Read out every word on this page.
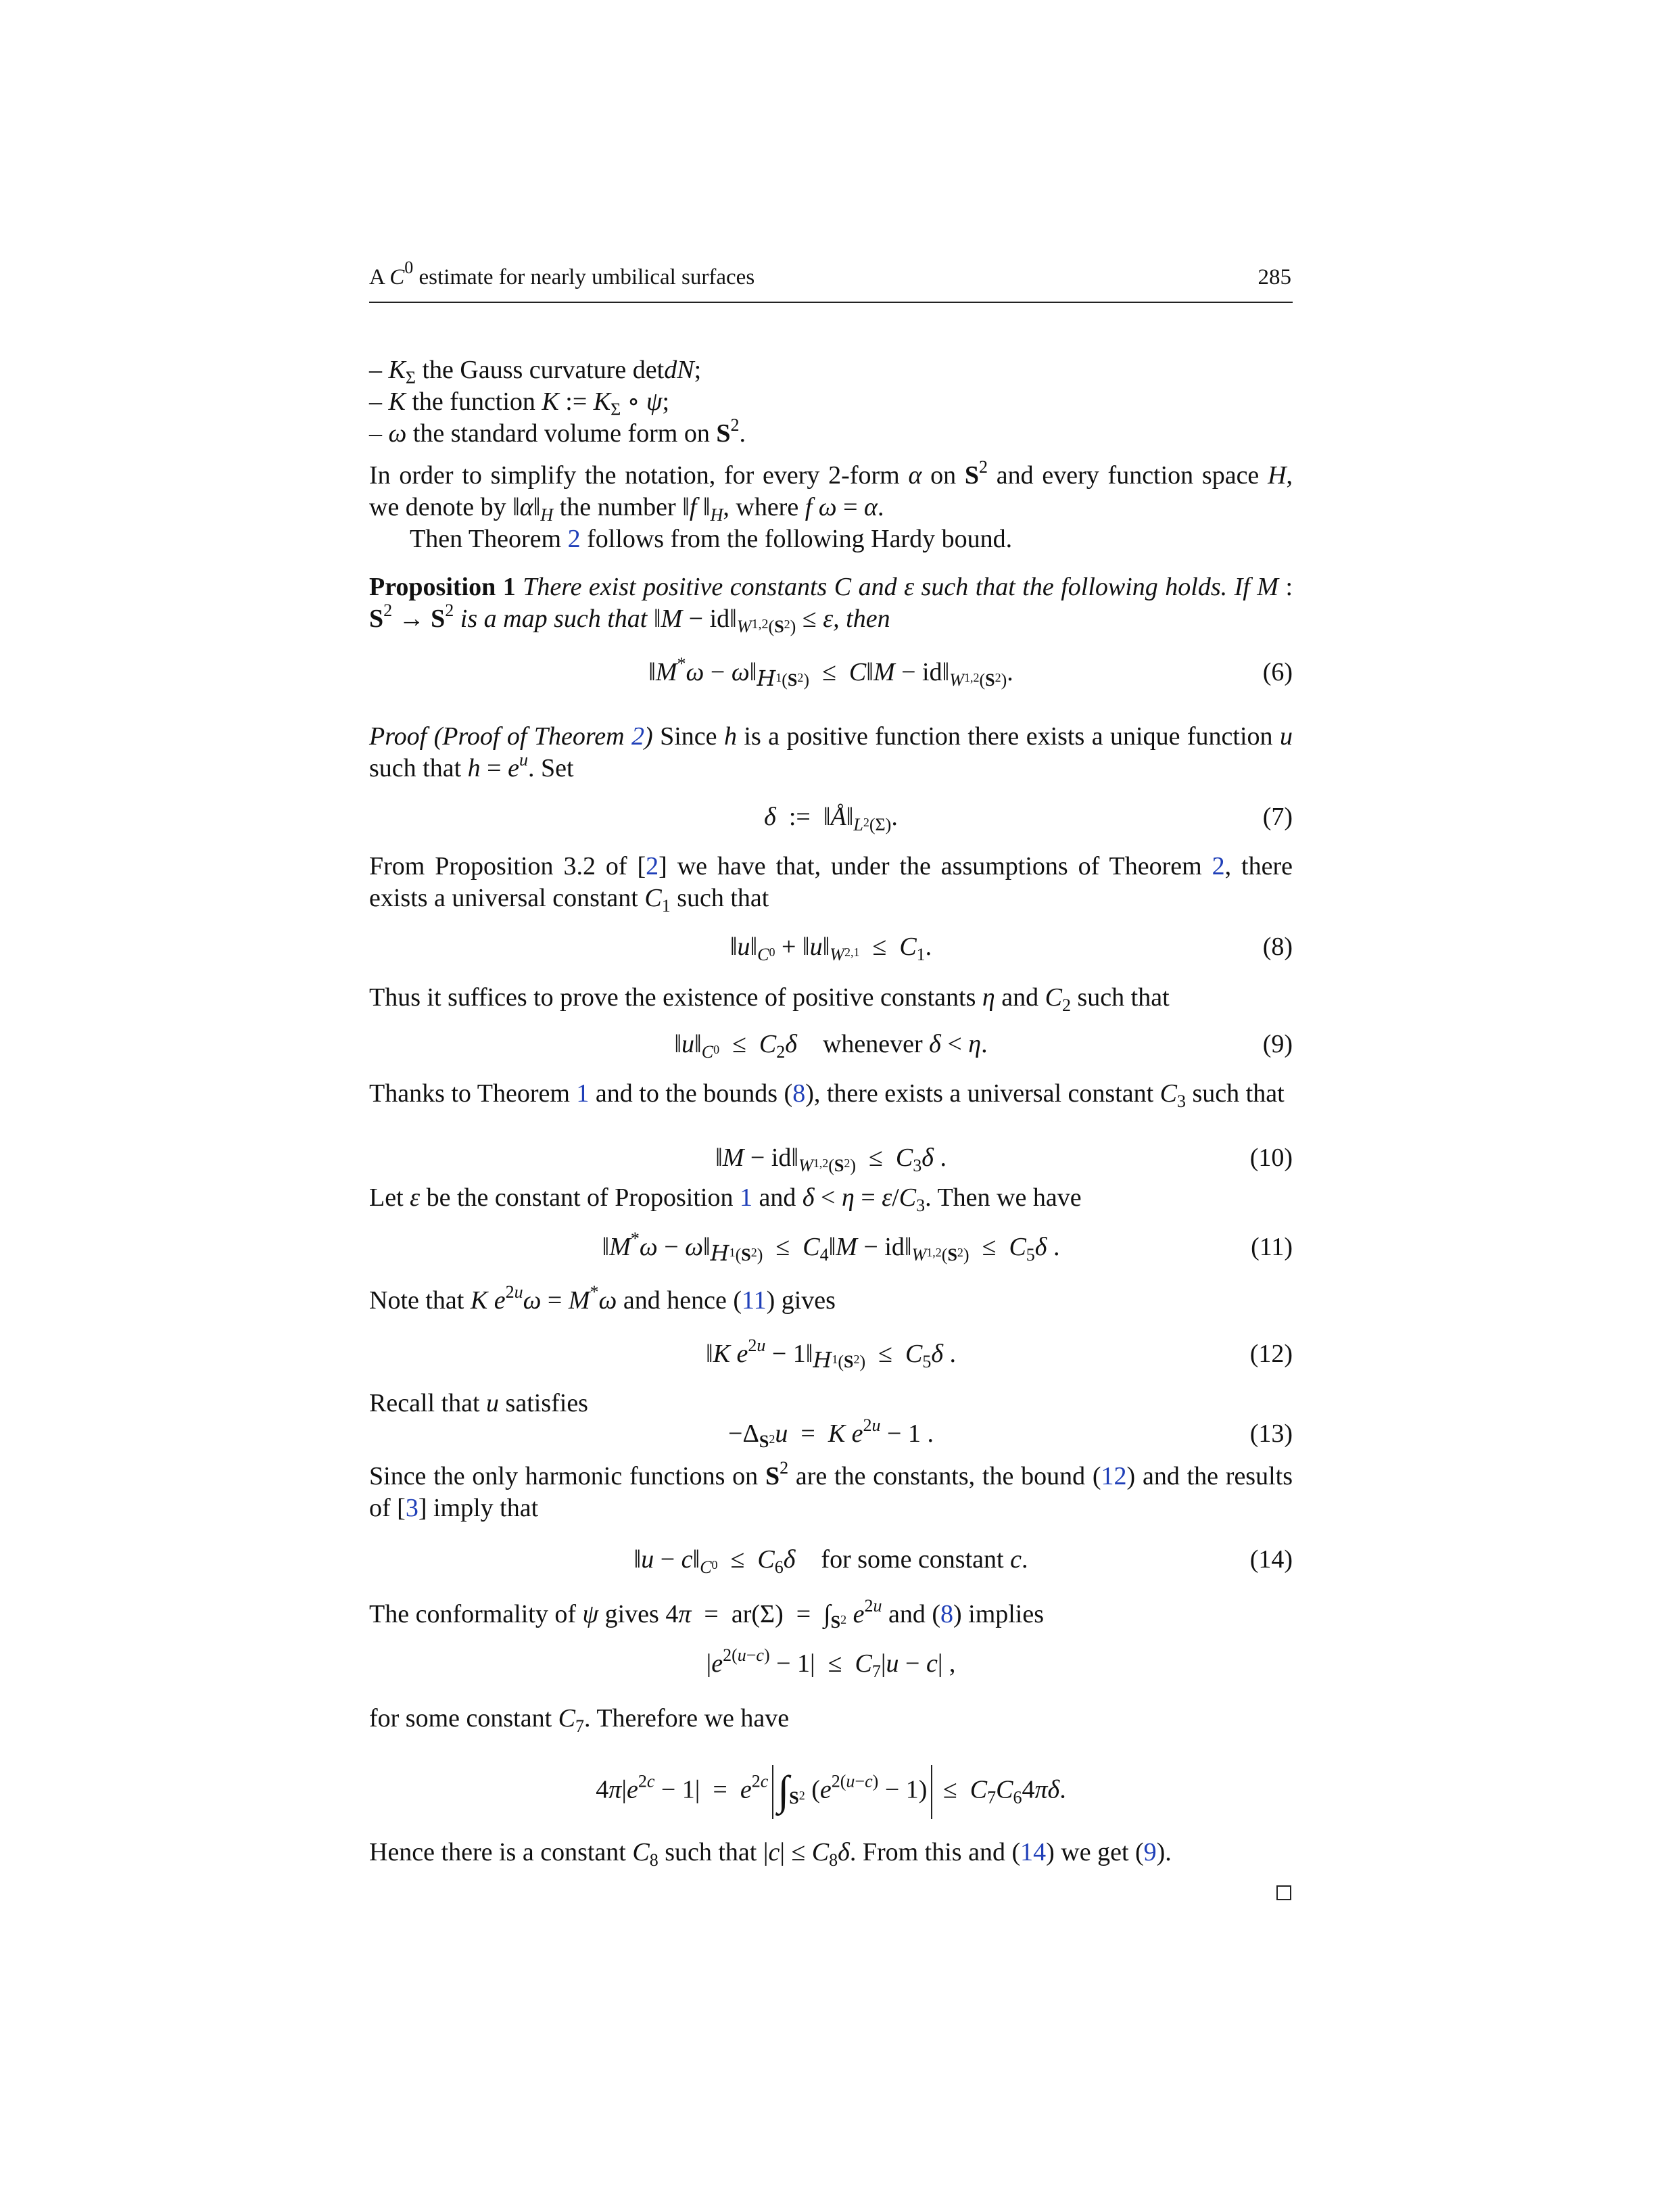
A $C^0$ estimate for nearly umbilical surfaces	285
– $K_\Sigma$ the Gauss curvature detdN;
– K the function K := $K_\Sigma$ ∘ ψ;
– ω the standard volume form on $S^2$.
In order to simplify the notation, for every 2-form α on $S^2$ and every function space H, we denote by $‖\alpha‖_H$ the number ‖f $‖_H$, where f ω = α.
Then Theorem 2 follows from the following Hardy bound.
Proposition 1 There exist positive constants C and ε such that the following holds. If M : $S^2 \to S^2$ is a map such that ‖M − $id‖_{W^{1,2}(S^2)} \le \varepsilon$, then
‖M*ω − $\omega‖_{H^1(S^2)}$  ≤  C‖M − $id‖_{W^{1,2}(S^2)}$.	(6)
Proof (Proof of Theorem 2) Since h is a positive function there exists a unique function u such that $h = e^u$. Set
δ  :=  $‖Å‖_{L^2(\Sigma)}$.	(7)
From Proposition 3.2 of [2] we have that, under the assumptions of Theorem 2, there exists a universal constant $C_1$ such that
$‖u‖_{C^0}$ + $‖u‖_{W^{2,1}} \le C_1$.	(8)
Thus it suffices to prove the existence of positive constants η and $C_2$ such that
$‖u‖_{C^0} \le C_2\delta$ whenever δ < η.	(9)
Thanks to Theorem 1 and to the bounds (8), there exists a universal constant $C_3$ such that
‖M − $id‖_{W^{1,2}(S^2)} \le C_3\delta$ .	(10)
Let ε be the constant of Proposition 1 and $\delta < \eta = \varepsilon/C_3$. Then we have
‖M*ω − $\omega‖_{H^1(S^2)}$  ≤  $C_4‖M$ − $id‖_{W^{1,2}(S^2)} \le C_5\delta$ .	(11)
Note that K $e^{2u}\omega = M^*\omega$ and hence (11) gives
‖K $e^{2u}$ − $1‖_{H^1(S^2)} \le C_5\delta$ .	(12)
Recall that u satisfies
$-\Delta_{S^2}u = K$ $e^{2u} - 1$ .	(13)
Since the only harmonic functions on $S^2$ are the constants, the bound (12) and the results of [3] imply that
‖u − $c‖_{C^0} \le C_6\delta$ for some constant c.	(14)
The conformality of ψ gives $4\pi = ar(\Sigma) = \int_{S^2}$ $e^{2u}$ and (8) implies
$|e^{2(u-c)} - 1| \le C_7|u - c|$ ,
for some constant $C_7$. Therefore we have
$4\pi|e^{2c} - 1| = e^{2c}$ $\int_{S^2}$ $(e^{2(u-c)} - 1) \le C_7C_64\pi\delta$.
Hence there is a constant $C_8$ such that $|c| \le C_8\delta$. From this and (14) we get (9).
